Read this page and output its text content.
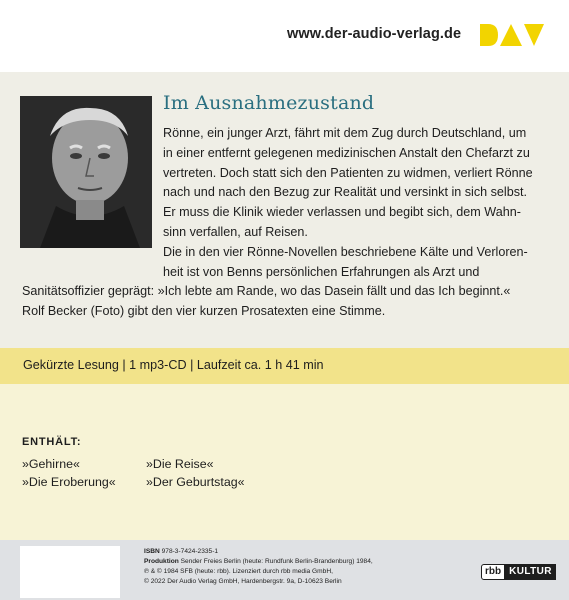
www.der-audio-verlag.de
Im Ausnahmezustand
Rönne, ein junger Arzt, fährt mit dem Zug durch Deutschland, um
in einer entfernt gelegenen medizinischen Anstalt den Chefarzt zu
vertreten. Doch statt sich den Patienten zu widmen, verliert Rönne
nach und nach den Bezug zur Realität und versinkt in sich selbst.
Er muss die Klinik wieder verlassen und begibt sich, dem Wahn-
sinn verfallen, auf Reisen.
Die in den vier Rönne-Novellen beschriebene Kälte und Verloren-
heit ist von Benns persönlichen Erfahrungen als Arzt und
Sanitätsoffizier geprägt: »Ich lebte am Rande, wo das Dasein fällt und das Ich beginnt.«
Rolf Becker (Foto) gibt den vier kurzen Prosatexten eine Stimme.
Gekürzte Lesung | 1 mp3-CD | Laufzeit ca. 1 h 41 min
ENTHÄLT:
»Gehirne«	»Die Reise«
»Die Eroberung« »Der Geburtstag«
ISBN 978-3-7424-2335-1
Produktion Sender Freies Berlin (heute: Rundfunk Berlin-Brandenburg) 1984,
℗ & © 1984 SFB (heute: rbb). Lizenziert durch rbb media GmbH,
© 2022 Der Audio Verlag GmbH, Hardenbergstr. 9a, D-10623 Berlin
rbb KULTUR
